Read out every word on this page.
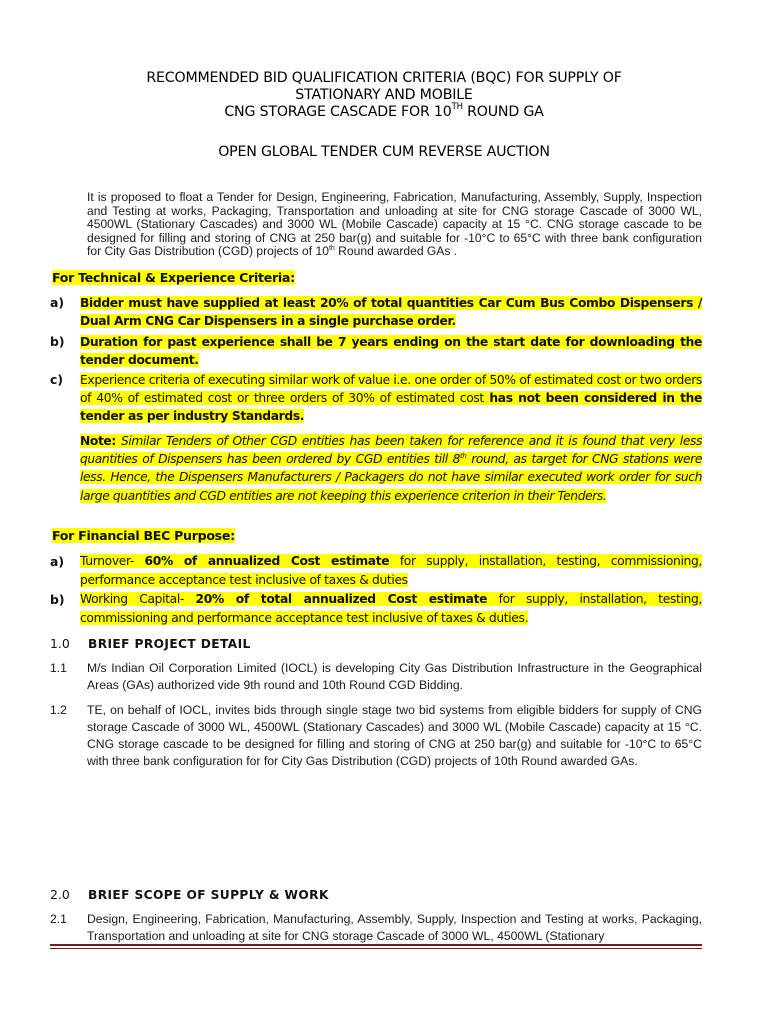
RECOMMENDED BID QUALIFICATION CRITERIA (BQC) FOR SUPPLY OF
STATIONARY AND MOBILE
CNG STORAGE CASCADE FOR 10TH ROUND GA
OPEN GLOBAL TENDER CUM REVERSE AUCTION
It is proposed to float a Tender for Design, Engineering, Fabrication, Manufacturing, Assembly, Supply, Inspection and Testing at works, Packaging, Transportation and unloading at site for CNG storage Cascade of 3000 WL, 4500WL (Stationary Cascades) and 3000 WL (Mobile Cascade) capacity at 15 °C. CNG storage cascade to be designed for filling and storing of CNG at 250 bar(g) and suitable for -10°C to 65°C with three bank configuration for City Gas Distribution (CGD) projects of 10th Round awarded GAs .
For Technical & Experience Criteria:
a) Bidder must have supplied at least 20% of total quantities Car Cum Bus Combo Dispensers / Dual Arm CNG Car Dispensers in a single purchase order.
b) Duration for past experience shall be 7 years ending on the start date for downloading the tender document.
c) Experience criteria of executing similar work of value i.e. one order of 50% of estimated cost or two orders of 40% of estimated cost or three orders of 30% of estimated cost has not been considered in the tender as per industry Standards.
Note: Similar Tenders of Other CGD entities has been taken for reference and it is found that very less quantities of Dispensers has been ordered by CGD entities till 8th round, as target for CNG stations were less. Hence, the Dispensers Manufacturers / Packagers do not have similar executed work order for such large quantities and CGD entities are not keeping this experience criterion in their Tenders.
For Financial BEC Purpose:
a) Turnover- 60% of annualized Cost estimate for supply, installation, testing, commissioning, performance acceptance test inclusive of taxes & duties
b) Working Capital- 20% of total annualized Cost estimate for supply, installation, testing, commissioning and performance acceptance test inclusive of taxes & duties.
1.0 BRIEF PROJECT DETAIL
1.1 M/s Indian Oil Corporation Limited (IOCL) is developing City Gas Distribution Infrastructure in the Geographical Areas (GAs) authorized vide 9th round and 10th Round CGD Bidding.
1.2 TE, on behalf of IOCL, invites bids through single stage two bid systems from eligible bidders for supply of CNG storage Cascade of 3000 WL, 4500WL (Stationary Cascades) and 3000 WL (Mobile Cascade) capacity at 15 °C. CNG storage cascade to be designed for filling and storing of CNG at 250 bar(g) and suitable for -10°C to 65°C with three bank configuration for for City Gas Distribution (CGD) projects of 10th Round awarded GAs.
2.0 BRIEF SCOPE OF SUPPLY & WORK
2.1 Design, Engineering, Fabrication, Manufacturing, Assembly, Supply, Inspection and Testing at works, Packaging, Transportation and unloading at site for CNG storage Cascade of 3000 WL, 4500WL (Stationary
